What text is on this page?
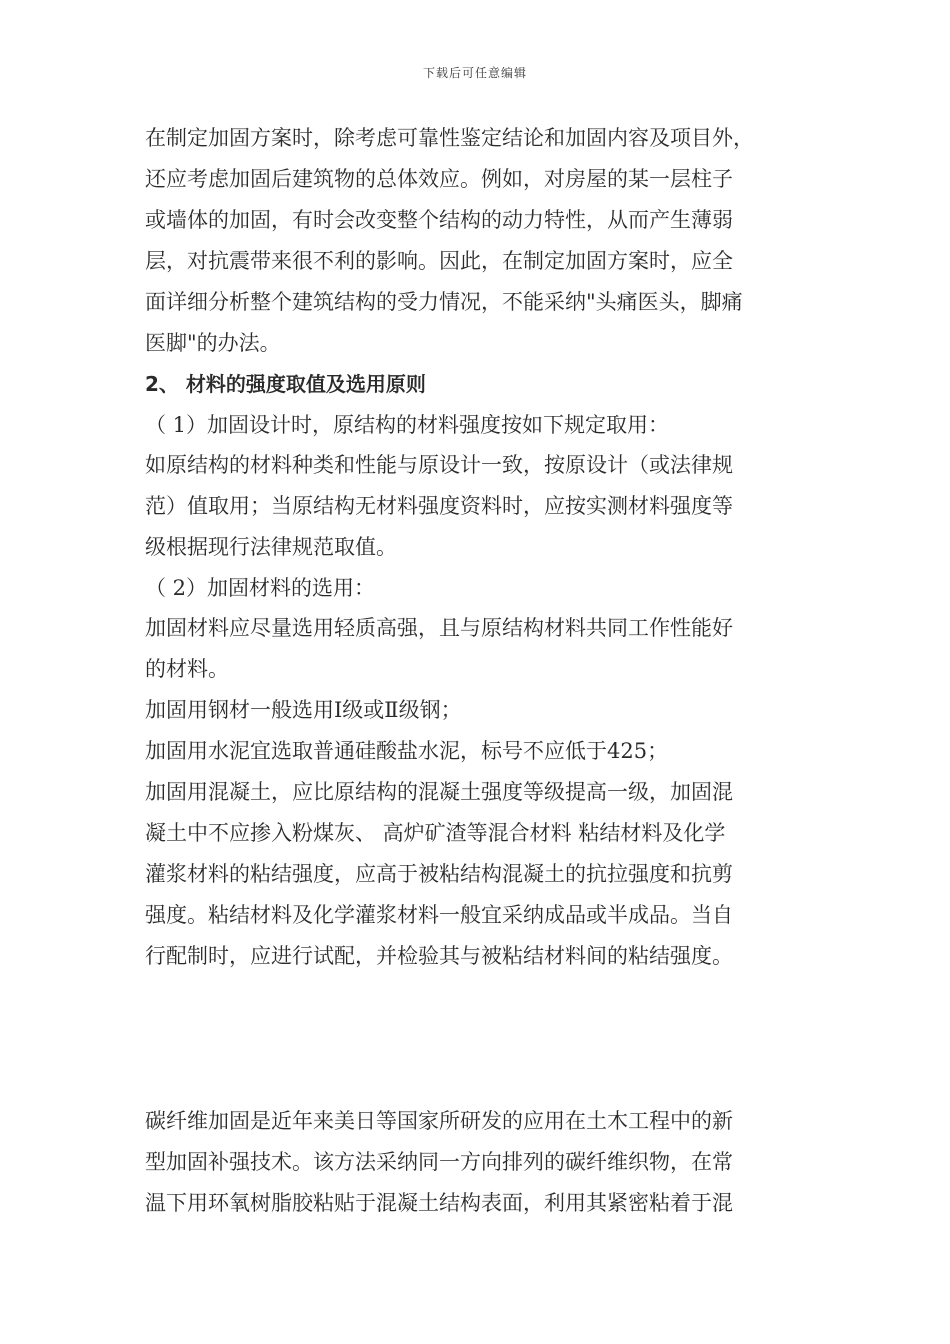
下载后可任意编辑
在制定加固方案时，除考虑可靠性鉴定结论和加固内容及项目外，
还应考虑加固后建筑物的总体效应。例如，对房屋的某一层柱子
或墙体的加固，有时会改变整个结构的动力特性，从而产生薄弱
层，对抗震带来很不利的影响。因此，在制定加固方案时，应全
面详细分析整个建筑结构的受力情况，不能采纳"头痛医头，脚痛
医脚"的办法。
2、 材料的强度取值及选用原则
（ 1）加固设计时，原结构的材料强度按如下规定取用：
如原结构的材料种类和性能与原设计一致，按原设计（或法律规
范）值取用；当原结构无材料强度资料时，应按实测材料强度等
级根据现行法律规范取值。
（ 2）加固材料的选用：
加固材料应尽量选用轻质高强，且与原结构材料共同工作性能好
的材料。
加固用钢材一般选用Ⅰ级或Ⅱ级钢；
加固用水泥宜选取普通硅酸盐水泥，标号不应低于425；
加固用混凝土，应比原结构的混凝土强度等级提高一级，加固混
凝土中不应掺入粉煤灰、 高炉矿渣等混合材料 粘结材料及化学
灌浆材料的粘结强度，应高于被粘结构混凝土的抗拉强度和抗剪
强度。粘结材料及化学灌浆材料一般宜采纳成品或半成品。当自
行配制时，应进行试配，并检验其与被粘结材料间的粘结强度。
碳纤维加固是近年来美日等国家所研发的应用在土木工程中的新
型加固补强技术。该方法采纳同一方向排列的碳纤维织物，在常
温下用环氧树脂胶粘贴于混凝土结构表面，利用其紧密粘着于混
